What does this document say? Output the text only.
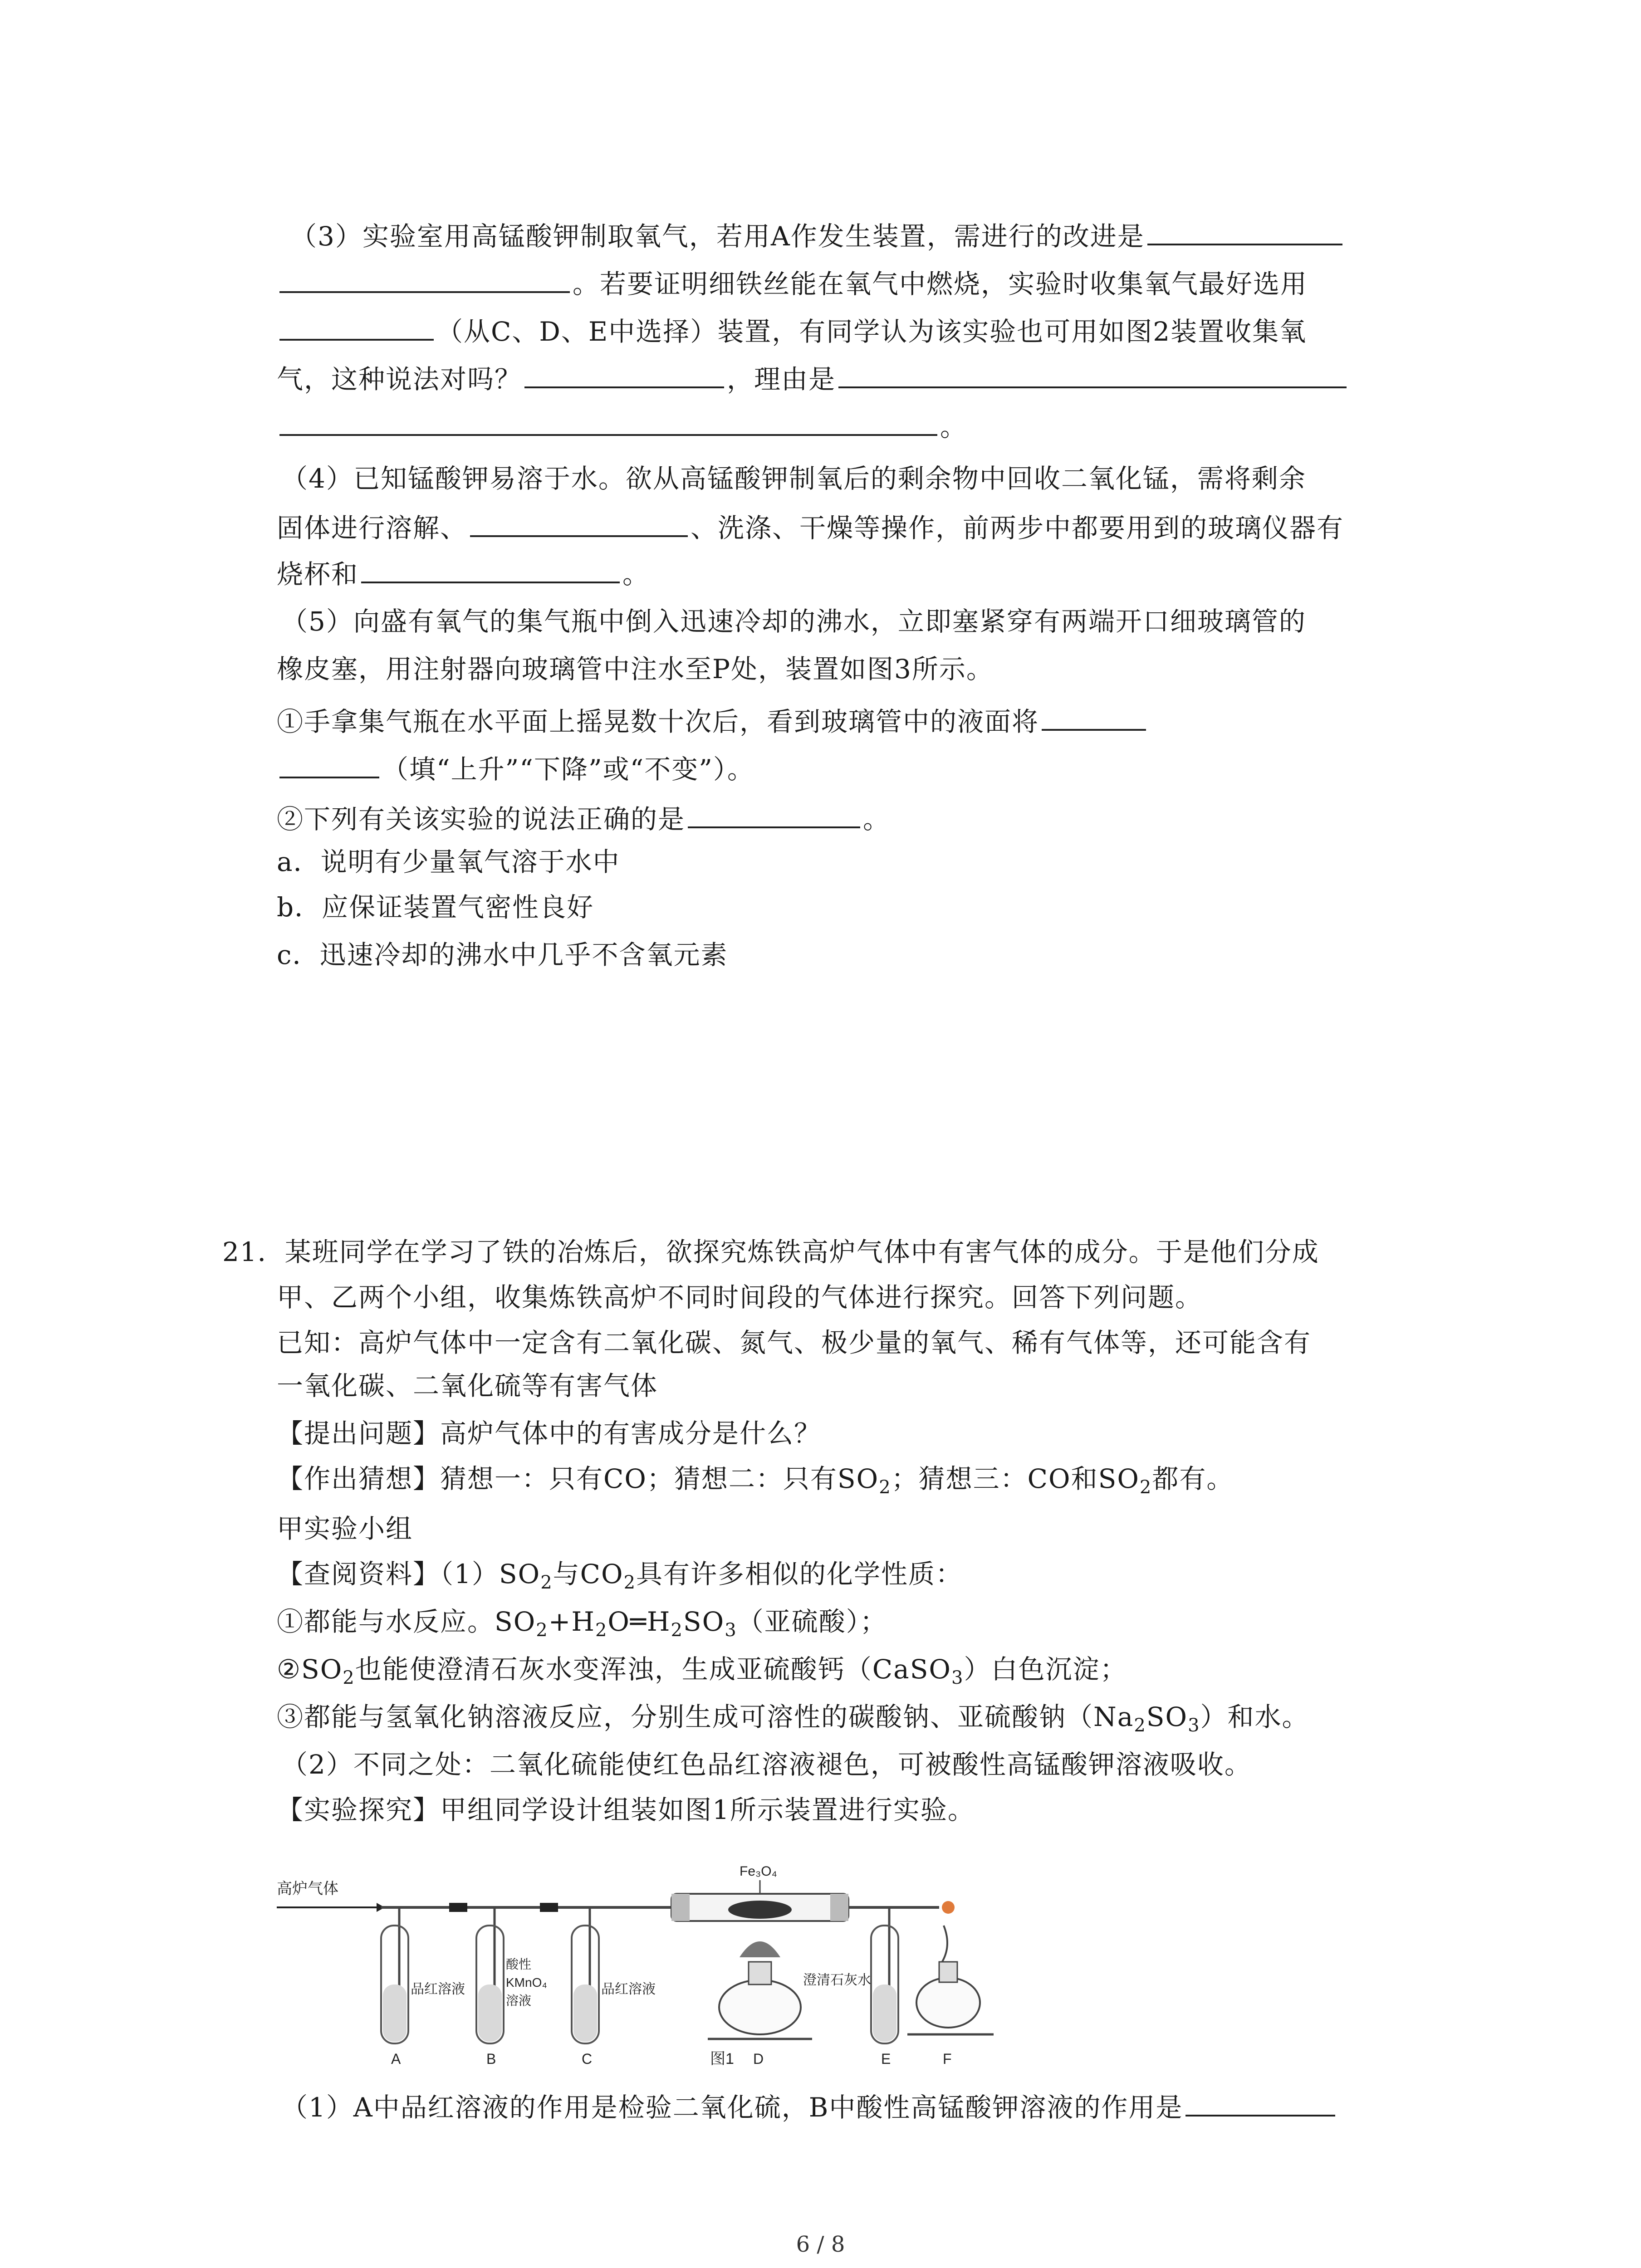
（3）实验室用高锰酸钾制取氧气，若用A作发生装置，需进行的改进是
。若要证明细铁丝能在氧气中燃烧，实验时收集氧气最好选用
（从C、D、E中选择）装置，有同学认为该实验也可用如图2装置收集氧
气，这种说法对吗？	，理由是
。
（4）已知锰酸钾易溶于水。欲从高锰酸钾制氧后的剩余物中回收二氧化锰，需将剩余
固体进行溶解、	、洗涤、干燥等操作，前两步中都要用到的玻璃仪器有
烧杯和	。
（5）向盛有氧气的集气瓶中倒入迅速冷却的沸水，立即塞紧穿有两端开口细玻璃管的
橡皮塞，用注射器向玻璃管中注水至P处，装置如图3所示。
①手拿集气瓶在水平面上摇晃数十次后，看到玻璃管中的液面将
（填“上升”“下降”或“不变”）。
②下列有关该实验的说法正确的是	。
a．说明有少量氧气溶于水中
b．应保证装置气密性良好
c．迅速冷却的沸水中几乎不含氧元素
21．某班同学在学习了铁的冶炼后，欲探究炼铁高炉气体中有害气体的成分。于是他们分成
甲、乙两个小组，收集炼铁高炉不同时间段的气体进行探究。回答下列问题。
已知：高炉气体中一定含有二氧化碳、氮气、极少量的氧气、稀有气体等，还可能含有
一氧化碳、二氧化硫等有害气体
【提出问题】高炉气体中的有害成分是什么？
【作出猜想】猜想一：只有CO；猜想二：只有$SO_2$；猜想三：CO和$SO_2$都有。
甲实验小组
【查阅资料】$(1)SO_2$与$CO_2$具有许多相似的化学性质：
①都能与水反应。$SO_2+H_2O═H_2SO_3$（亚硫酸）；
$②SO_2$也能使澄清石灰水变浑浊，生成亚硫酸钙（CaSO$_3$）白色沉淀；
③都能与氢氧化钠溶液反应，分别生成可溶性的碳酸钠、亚硫酸钠$(Na_2SO_3)$和水。
（2）不同之处：二氧化硫能使红色品红溶液褪色，可被酸性高锰酸钾溶液吸收。
【实验探究】甲组同学设计组装如图1所示装置进行实验。
高炉气体
品红溶液
酸性
KMnO₄
溶液
品红溶液
Fe₃O₄
图1
澄清石灰水
A	B	C	D	E	F
（1）A中品红溶液的作用是检验二氧化硫，B中酸性高锰酸钾溶液的作用是
6 / 8
